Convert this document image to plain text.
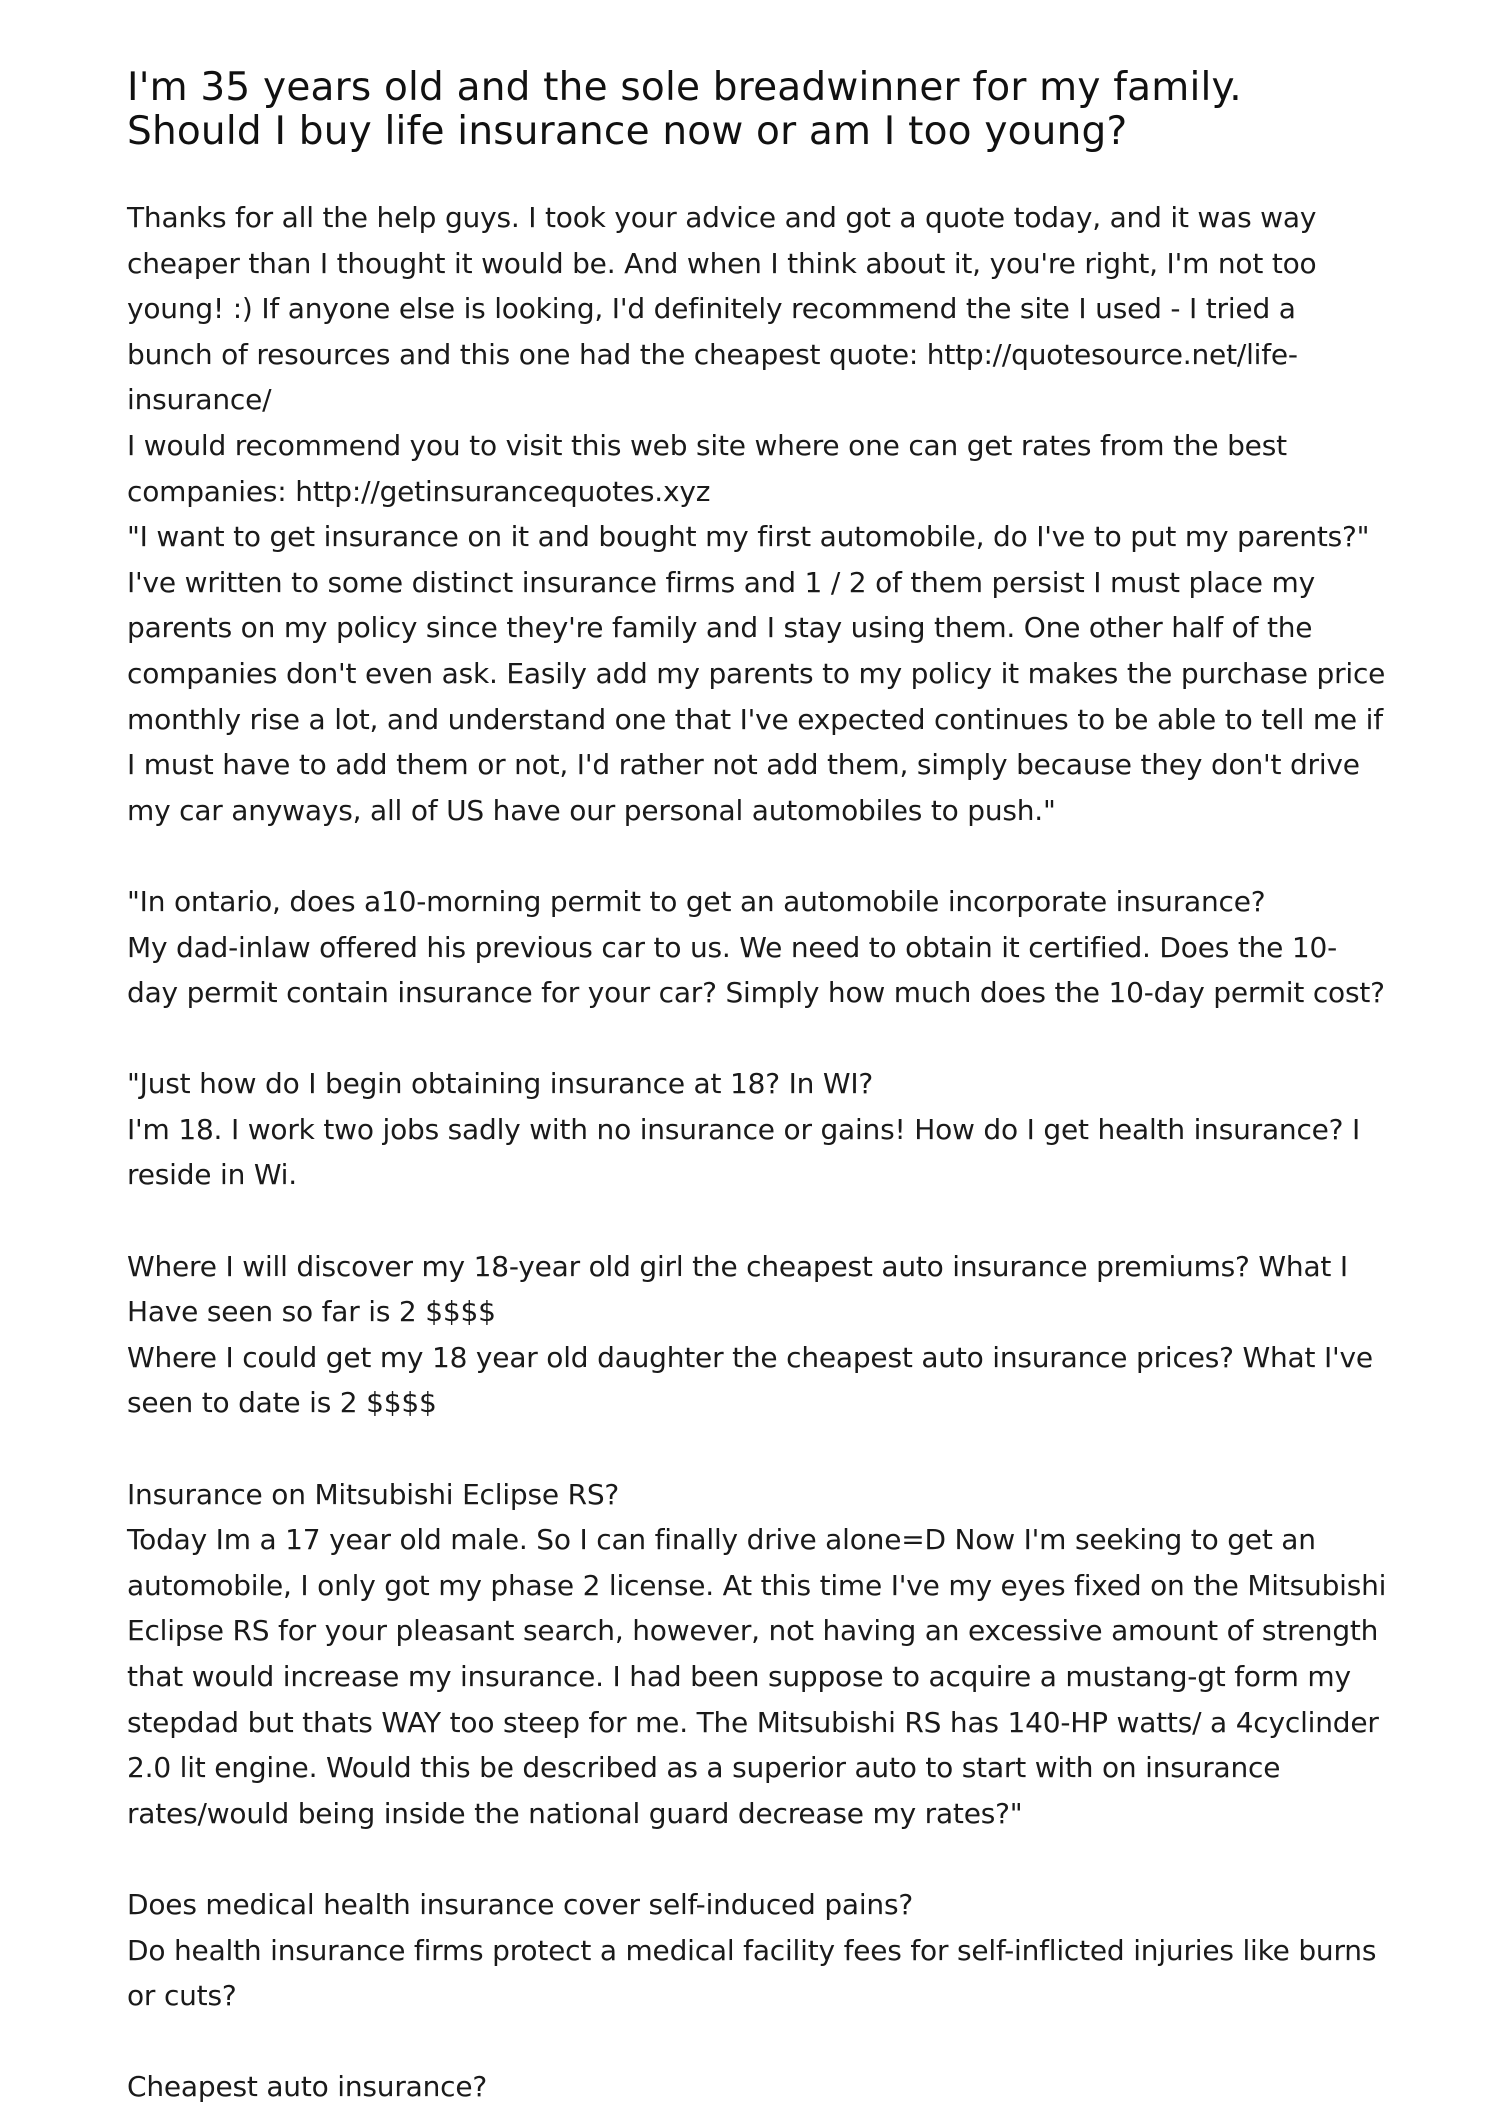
I'm 35 years old and the sole breadwinner for my family.
Should I buy life insurance now or am I too young?

Thanks for all the help guys. I took your advice and got a quote today, and it was way cheaper than I thought it would be. And when I think about it, you're right, I'm not too young! :) If anyone else is looking, I'd definitely recommend the site I used - I tried a bunch of resources and this one had the cheapest quote: http://quotesource.net/life-insurance/

I would recommend you to visit this web site where one can get rates from the best companies: http://getinsurancequotes.xyz

"I want to get insurance on it and bought my first automobile, do I've to put my parents?"

I've written to some distinct insurance firms and 1 / 2 of them persist I must place my parents on my policy since they're family and I stay using them. One other half of the companies don't even ask. Easily add my parents to my policy it makes the purchase price monthly rise a lot, and understand one that I've expected continues to be able to tell me if I must have to add them or not, I'd rather not add them, simply because they don't drive my car anyways, all of US have our personal automobiles to push."

"In ontario, does a10-morning permit to get an automobile incorporate insurance?

My dad-inlaw offered his previous car to us. We need to obtain it certified. Does the 10-day permit contain insurance for your car? Simply how much does the 10-day permit cost?

"Just how do I begin obtaining insurance at 18? In WI?

I'm 18. I work two jobs sadly with no insurance or gains! How do I get health insurance? I reside in Wi.

Where I will discover my 18-year old girl the cheapest auto insurance premiums? What I Have seen so far is 2 $$$$

Where I could get my 18 year old daughter the cheapest auto insurance prices? What I've seen to date is 2 $$$$

Insurance on Mitsubishi Eclipse RS?

Today Im a 17 year old male. So I can finally drive alone=D Now I'm seeking to get an automobile, I only got my phase 2 license. At this time I've my eyes fixed on the Mitsubishi Eclipse RS for your pleasant search, however, not having an excessive amount of strength that would increase my insurance. I had been suppose to acquire a mustang-gt form my stepdad but thats WAY too steep for me. The Mitsubishi RS has 140-HP watts/ a 4cyclinder 2.0 lit engine. Would this be described as a superior auto to start with on insurance rates/would being inside the national guard decrease my rates?"

Does medical health insurance cover self-induced pains?

Do health insurance firms protect a medical facility fees for self-inflicted injuries like burns or cuts?

Cheapest auto insurance?
